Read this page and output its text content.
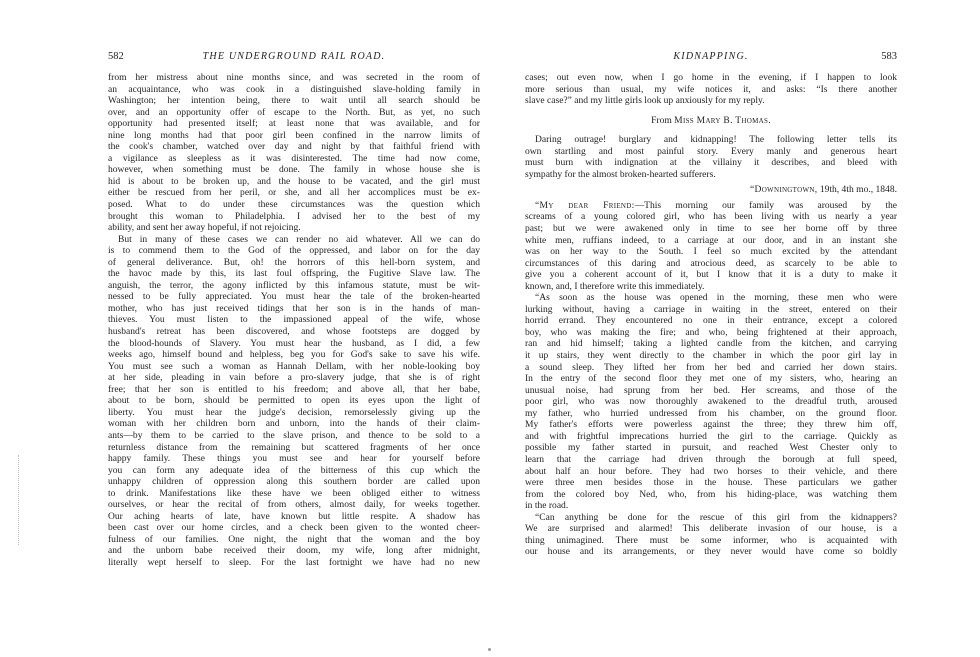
582	THE UNDERGROUND RAIL ROAD.
from her mistress about nine months since, and was secreted in the room of
an acquaintance, who was cook in a distinguished slave-holding family in
Washington; her intention being, there to wait until all search should be
over, and an opportunity offer of escape to the North. But, as yet, no such
opportunity had presented itself; at least none that was available, and for
nine long months had that poor girl been confined in the narrow limits of
the cook's chamber, watched over day and night by that faithful friend with
a vigilance as sleepless as it was disinterested. The time had now come,
however, when something must be done. The family in whose house she is
hid is about to be broken up, and the house to be vacated, and the girl must
either be rescued from her peril, or she, and all her accomplices must be ex-
posed. What to do under these circumstances was the question which
brought this woman to Philadelphia. I advised her to the best of my
ability, and sent her away hopeful, if not rejoicing.
But in many of these cases we can render no aid whatever. All we can do
is to commend them to the God of the oppressed, and labor on for the day
of general deliverance. But, oh! the horrors of this hell-born system, and
the havoc made by this, its last foul offspring, the Fugitive Slave law. The
anguish, the terror, the agony inflicted by this infamous statute, must be wit-
nessed to be fully appreciated. You must hear the tale of the broken-hearted
mother, who has just received tidings that her son is in the hands of man-
thieves. You must listen to the impassioned appeal of the wife, whose
husband's retreat has been discovered, and whose footsteps are dogged by
the blood-hounds of Slavery. You must hear the husband, as I did, a few
weeks ago, himself bound and helpless, beg you for God's sake to save his wife.
You must see such a woman as Hannah Dellam, with her noble-looking boy
at her side, pleading in vain before a pro-slavery judge, that she is of right
free; that her son is entitled to his freedom; and above all, that her babe,
about to be born, should be permitted to open its eyes upon the light of
liberty. You must hear the judge's decision, remorselessly giving up the
woman with her children born and unborn, into the hands of their claim-
ants—by them to be carried to the slave prison, and thence to be sold to a
returnless distance from the remaining but scattered fragments of her once
happy family. These things you must see and hear for yourself before
you can form any adequate idea of the bitterness of this cup which the
unhappy children of oppression along this southern border are called upon
to drink. Manifestations like these have we been obliged either to witness
ourselves, or hear the recital of from others, almost daily, for weeks together.
Our aching hearts of late, have known but little respite. A shadow has
been cast over our home circles, and a check been given to the wonted cheer-
fulness of our families. One night, the night that the woman and the boy
and the unborn babe received their doom, my wife, long after midnight,
literally wept herself to sleep. For the last fortnight we have had no new
KIDNAPPING.	583
cases; out even now, when I go home in the evening, if I happen to look
more serious than usual, my wife notices it, and asks: “Is there another
slave case?” and my little girls look up anxiously for my reply.
From Miss Mary B. Thomas.
Daring outrage! burglary and kidnapping! The following letter tells its
own startling and most painful story. Every manly and generous heart
must burn with indignation at the villainy it describes, and bleed with
sympathy for the almost broken-hearted sufferers.
“Downingtown, 19th, 4th mo., 1848.
“My dear Friend:—This morning our family was aroused by the
screams of a young colored girl, who has been living with us nearly a year
past; but we were awakened only in time to see her borne off by three
white men, ruffians indeed, to a carriage at our door, and in an instant she
was on her way to the South. I feel so much excited by the attendant
circumstances of this daring and atrocious deed, as scarcely to be able to
give you a coherent account of it, but I know that it is a duty to make it
known, and, I therefore write this immediately.
“As soon as the house was opened in the morning, these men who were
lurking without, having a carriage in waiting in the street, entered on their
horrid errand. They encountered no one in their entrance, except a colored
boy, who was making the fire; and who, being frightened at their approach,
ran and hid himself; taking a lighted candle from the kitchen, and carrying
it up stairs, they went directly to the chamber in which the poor girl lay in
a sound sleep. They lifted her from her bed and carried her down stairs.
In the entry of the second floor they met one of my sisters, who, hearing an
unusual noise, had sprung from her bed. Her screams, and those of the
poor girl, who was now thoroughly awakened to the dreadful truth, aroused
my father, who hurried undressed from his chamber, on the ground floor.
My father's efforts were powerless against the three; they threw him off,
and with frightful imprecations hurried the girl to the carriage. Quickly as
possible my father started in pursuit, and reached West Chester only to
learn that the carriage had driven through the borough at full speed,
about half an hour before. They had two horses to their vehicle, and there
were three men besides those in the house. These particulars we gather
from the colored boy Ned, who, from his hiding-place, was watching them
in the road.
“Can anything be done for the rescue of this girl from the kidnappers?
We are surprised and alarmed! This deliberate invasion of our house, is a
thing unimagined. There must be some informer, who is acquainted with
our house and its arrangements, or they never would have come so boldly
